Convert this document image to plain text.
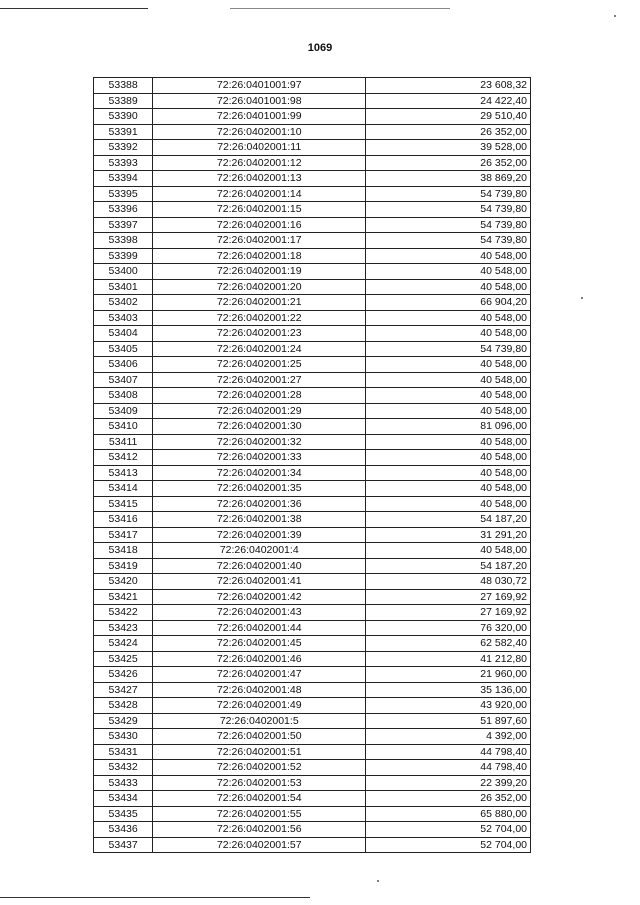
1069
53388	72:26:0401001:97	23 608,32
53389	72:26:0401001:98	24 422,40
53390	72:26:0401001:99	29 510,40
53391	72:26:0402001:10	26 352,00
53392	72:26:0402001:11	39 528,00
53393	72:26:0402001:12	26 352,00
53394	72:26:0402001:13	38 869,20
53395	72:26:0402001:14	54 739,80
53396	72:26:0402001:15	54 739,80
53397	72:26:0402001:16	54 739,80
53398	72:26:0402001:17	54 739,80
53399	72:26:0402001:18	40 548,00
53400	72:26:0402001:19	40 548,00
53401	72:26:0402001:20	40 548,00
53402	72:26:0402001:21	66 904,20
53403	72:26:0402001:22	40 548,00
53404	72:26:0402001:23	40 548,00
53405	72:26:0402001:24	54 739,80
53406	72:26:0402001:25	40 548,00
53407	72:26:0402001:27	40 548,00
53408	72:26:0402001:28	40 548,00
53409	72:26:0402001:29	40 548,00
53410	72:26:0402001:30	81 096,00
53411	72:26:0402001:32	40 548,00
53412	72:26:0402001:33	40 548,00
53413	72:26:0402001:34	40 548,00
53414	72:26:0402001:35	40 548,00
53415	72:26:0402001:36	40 548,00
53416	72:26:0402001:38	54 187,20
53417	72:26:0402001:39	31 291,20
53418	72:26:0402001:4	40 548,00
53419	72:26:0402001:40	54 187,20
53420	72:26:0402001:41	48 030,72
53421	72:26:0402001:42	27 169,92
53422	72:26:0402001:43	27 169,92
53423	72:26:0402001:44	76 320,00
53424	72:26:0402001:45	62 582,40
53425	72:26:0402001:46	41 212,80
53426	72:26:0402001:47	21 960,00
53427	72:26:0402001:48	35 136,00
53428	72:26:0402001:49	43 920,00
53429	72:26:0402001:5	51 897,60
53430	72:26:0402001:50	4 392,00
53431	72:26:0402001:51	44 798,40
53432	72:26:0402001:52	44 798,40
53433	72:26:0402001:53	22 399,20
53434	72:26:0402001:54	26 352,00
53435	72:26:0402001:55	65 880,00
53436	72:26:0402001:56	52 704,00
53437	72:26:0402001:57	52 704,00
